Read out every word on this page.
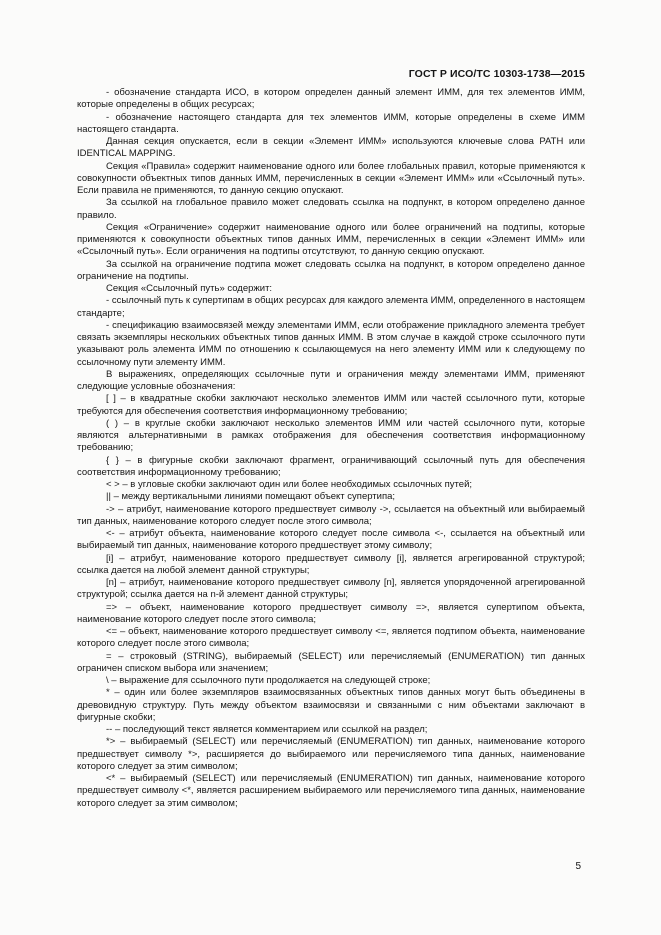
ГОСТ Р ИСО/ТС 10303-1738—2015

- обозначение стандарта ИСО, в котором определен данный элемент ИММ, для тех элементов ИММ, которые определены в общих ресурсах;

- обозначение настоящего стандарта для тех элементов ИММ, которые определены в схеме ИММ настоящего стандарта.

Данная секция опускается, если в секции «Элемент ИММ» используются ключевые слова PATH или IDENTICAL MAPPING.

Секция «Правила» содержит наименование одного или более глобальных правил, которые применяются к совокупности объектных типов данных ИММ, перечисленных в секции «Элемент ИММ» или «Ссылочный путь». Если правила не применяются, то данную секцию опускают.

За ссылкой на глобальное правило может следовать ссылка на подпункт, в котором определено данное правило.

Секция «Ограничение» содержит наименование одного или более ограничений на подтипы, которые применяются к совокупности объектных типов данных ИММ, перечисленных в секции «Элемент ИММ» или «Ссылочный путь». Если ограничения на подтипы отсутствуют, то данную секцию опускают.

За ссылкой на ограничение подтипа может следовать ссылка на подпункт, в котором определено данное ограничение на подтипы.

Секция «Ссылочный путь» содержит:

- ссылочный путь к супертипам в общих ресурсах для каждого элемента ИММ, определенного в настоящем стандарте;

- спецификацию взаимосвязей между элементами ИММ, если отображение прикладного элемента требует связать экземпляры нескольких объектных типов данных ИММ. В этом случае в каждой строке ссылочного пути указывают роль элемента ИММ по отношению к ссылающемуся на него элементу ИММ или к следующему по ссылочному пути элементу ИММ.

В выражениях, определяющих ссылочные пути и ограничения между элементами ИММ, применяют следующие условные обозначения:

[ ] – в квадратные скобки заключают несколько элементов ИММ или частей ссылочного пути, которые требуются для обеспечения соответствия информационному требованию;

( ) – в круглые скобки заключают несколько элементов ИММ или частей ссылочного пути, которые являются альтернативными в рамках отображения для обеспечения соответствия информационному требованию;

{ } – в фигурные скобки заключают фрагмент, ограничивающий ссылочный путь для обеспечения соответствия информационному требованию;

< > – в угловые скобки заключают один или более необходимых ссылочных путей;

|| – между вертикальными линиями помещают объект супертипа;

-> – атрибут, наименование которого предшествует символу ->, ссылается на объектный или выбираемый тип данных, наименование которого следует после этого символа;

<- – атрибут объекта, наименование которого следует после символа <-, ссылается на объектный или выбираемый тип данных, наименование которого предшествует этому символу;

[i] – атрибут, наименование которого предшествует символу [i], является агрегированной структурой; ссылка дается на любой элемент данной структуры;

[n] – атрибут, наименование которого предшествует символу [n], является упорядоченной агрегированной структурой; ссылка дается на n-й элемент данной структуры;

=> – объект, наименование которого предшествует символу =>, является супертипом объекта, наименование которого следует после этого символа;

<= – объект, наименование которого предшествует символу <=, является подтипом объекта, наименование которого следует после этого символа;

= – строковый (STRING), выбираемый (SELECT) или перечисляемый (ENUMERATION) тип данных ограничен списком выбора или значением;

\ – выражение для ссылочного пути продолжается на следующей строке;

* – один или более экземпляров взаимосвязанных объектных типов данных могут быть объединены в древовидную структуру. Путь между объектом взаимосвязи и связанными с ним объектами заключают в фигурные скобки;

-- – последующий текст является комментарием или ссылкой на раздел;

*> – выбираемый (SELECT) или перечисляемый (ENUMERATION) тип данных, наименование которого предшествует символу *>, расширяется до выбираемого или перечисляемого типа данных, наименование которого следует за этим символом;

<* – выбираемый (SELECT) или перечисляемый (ENUMERATION) тип данных, наименование которого предшествует символу <*, является расширением выбираемого или перечисляемого типа данных, наименование которого следует за этим символом;

5
